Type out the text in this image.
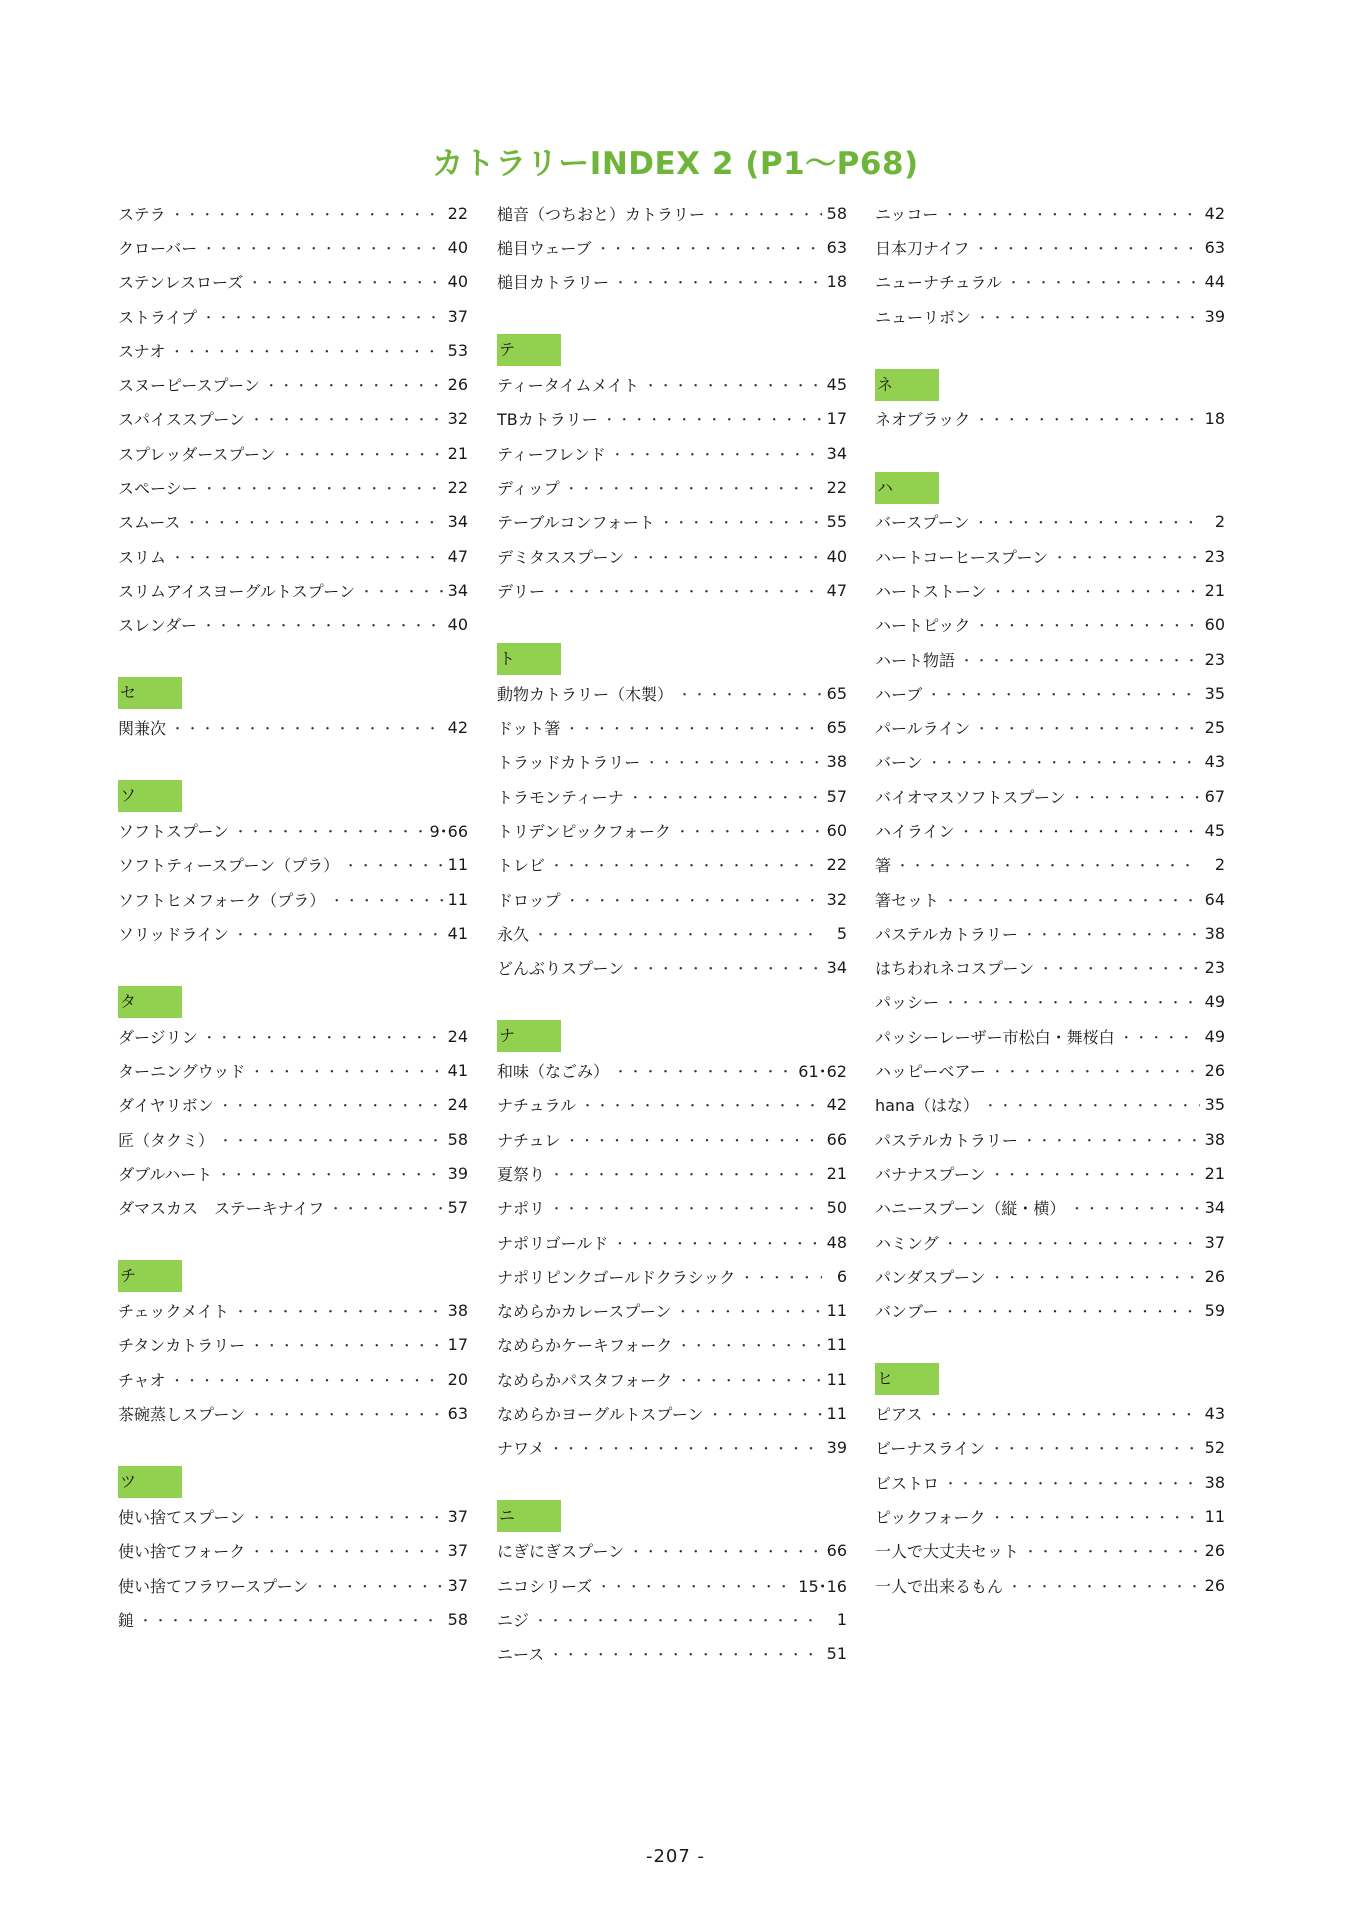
カトラリーINDEX 2 (P1～P68)
ステラ ・・・・・・・・・・・・・・・・・・・・・・・・・・・・・・・・・・・・・・・・・・・・・・・・	22
クローバー ・・・・・・・・・・・・・・・・・・・・・・・・・・・・・・・・・・・・・・・・・・・・・・・・	40
ステンレスローズ ・・・・・・・・・・・・・・・・・・・・・・・・・・・・・・・・・・・・・・・・・・・・・・・・	40
ストライプ ・・・・・・・・・・・・・・・・・・・・・・・・・・・・・・・・・・・・・・・・・・・・・・・・	37
スナオ ・・・・・・・・・・・・・・・・・・・・・・・・・・・・・・・・・・・・・・・・・・・・・・・・	53
スヌーピースプーン ・・・・・・・・・・・・・・・・・・・・・・・・・・・・・・・・・・・・・・・・・・・・・・・・	26
スパイススプーン ・・・・・・・・・・・・・・・・・・・・・・・・・・・・・・・・・・・・・・・・・・・・・・・・	32
スプレッダースプーン ・・・・・・・・・・・・・・・・・・・・・・・・・・・・・・・・・・・・・・・・・・・・・・・・	21
スペーシー ・・・・・・・・・・・・・・・・・・・・・・・・・・・・・・・・・・・・・・・・・・・・・・・・	22
スムース ・・・・・・・・・・・・・・・・・・・・・・・・・・・・・・・・・・・・・・・・・・・・・・・・	34
スリム ・・・・・・・・・・・・・・・・・・・・・・・・・・・・・・・・・・・・・・・・・・・・・・・・	47
スリムアイスヨーグルトスプーン ・・・・・・・・・・・・・・・・・・・・・・・・・・・・・・・・・・・・・・・・・・・・・・・・	34
スレンダー ・・・・・・・・・・・・・・・・・・・・・・・・・・・・・・・・・・・・・・・・・・・・・・・・	40
セ
関兼次 ・・・・・・・・・・・・・・・・・・・・・・・・・・・・・・・・・・・・・・・・・・・・・・・・	42
ソ
ソフトスプーン ・・・・・・・・・・・・・・・・・・・・・・・・・・・・・・・・・・・・・・・・・・・・・・・・	9･66
ソフトティースプーン（プラ） ・・・・・・・・・・・・・・・・・・・・・・・・・・・・・・・・・・・・・・・・・・・・・・・・	11
ソフトヒメフォーク（プラ） ・・・・・・・・・・・・・・・・・・・・・・・・・・・・・・・・・・・・・・・・・・・・・・・・	11
ソリッドライン ・・・・・・・・・・・・・・・・・・・・・・・・・・・・・・・・・・・・・・・・・・・・・・・・	41
タ
ダージリン ・・・・・・・・・・・・・・・・・・・・・・・・・・・・・・・・・・・・・・・・・・・・・・・・	24
ターニングウッド ・・・・・・・・・・・・・・・・・・・・・・・・・・・・・・・・・・・・・・・・・・・・・・・・	41
ダイヤリボン ・・・・・・・・・・・・・・・・・・・・・・・・・・・・・・・・・・・・・・・・・・・・・・・・	24
匠（タクミ） ・・・・・・・・・・・・・・・・・・・・・・・・・・・・・・・・・・・・・・・・・・・・・・・・	58
ダブルハート ・・・・・・・・・・・・・・・・・・・・・・・・・・・・・・・・・・・・・・・・・・・・・・・・	39
ダマスカス　ステーキナイフ ・・・・・・・・・・・・・・・・・・・・・・・・・・・・・・・・・・・・・・・・・・・・・・・・	57
チ
チェックメイト ・・・・・・・・・・・・・・・・・・・・・・・・・・・・・・・・・・・・・・・・・・・・・・・・	38
チタンカトラリー ・・・・・・・・・・・・・・・・・・・・・・・・・・・・・・・・・・・・・・・・・・・・・・・・	17
チャオ ・・・・・・・・・・・・・・・・・・・・・・・・・・・・・・・・・・・・・・・・・・・・・・・・	20
茶碗蒸しスプーン ・・・・・・・・・・・・・・・・・・・・・・・・・・・・・・・・・・・・・・・・・・・・・・・・	63
ツ
使い捨てスプーン ・・・・・・・・・・・・・・・・・・・・・・・・・・・・・・・・・・・・・・・・・・・・・・・・	37
使い捨てフォーク ・・・・・・・・・・・・・・・・・・・・・・・・・・・・・・・・・・・・・・・・・・・・・・・・	37
使い捨てフラワースプーン ・・・・・・・・・・・・・・・・・・・・・・・・・・・・・・・・・・・・・・・・・・・・・・・・	37
鎚 ・・・・・・・・・・・・・・・・・・・・・・・・・・・・・・・・・・・・・・・・・・・・・・・・	58
槌音（つちおと）カトラリー ・・・・・・・・・・・・・・・・・・・・・・・・・・・・・・・・・・・・・・・・・・・・・・・・	58
槌目ウェーブ ・・・・・・・・・・・・・・・・・・・・・・・・・・・・・・・・・・・・・・・・・・・・・・・・	63
槌目カトラリー ・・・・・・・・・・・・・・・・・・・・・・・・・・・・・・・・・・・・・・・・・・・・・・・・	18
テ
ティータイムメイト ・・・・・・・・・・・・・・・・・・・・・・・・・・・・・・・・・・・・・・・・・・・・・・・・	45
TBカトラリー ・・・・・・・・・・・・・・・・・・・・・・・・・・・・・・・・・・・・・・・・・・・・・・・・	17
ティーフレンド ・・・・・・・・・・・・・・・・・・・・・・・・・・・・・・・・・・・・・・・・・・・・・・・・	34
ディップ ・・・・・・・・・・・・・・・・・・・・・・・・・・・・・・・・・・・・・・・・・・・・・・・・	22
テーブルコンフォート ・・・・・・・・・・・・・・・・・・・・・・・・・・・・・・・・・・・・・・・・・・・・・・・・	55
デミタススプーン ・・・・・・・・・・・・・・・・・・・・・・・・・・・・・・・・・・・・・・・・・・・・・・・・	40
デリー ・・・・・・・・・・・・・・・・・・・・・・・・・・・・・・・・・・・・・・・・・・・・・・・・	47
ト
動物カトラリー（木製） ・・・・・・・・・・・・・・・・・・・・・・・・・・・・・・・・・・・・・・・・・・・・・・・・	65
ドット箸 ・・・・・・・・・・・・・・・・・・・・・・・・・・・・・・・・・・・・・・・・・・・・・・・・	65
トラッドカトラリー ・・・・・・・・・・・・・・・・・・・・・・・・・・・・・・・・・・・・・・・・・・・・・・・・	38
トラモンティーナ ・・・・・・・・・・・・・・・・・・・・・・・・・・・・・・・・・・・・・・・・・・・・・・・・	57
トリデンピックフォーク ・・・・・・・・・・・・・・・・・・・・・・・・・・・・・・・・・・・・・・・・・・・・・・・・	60
トレビ ・・・・・・・・・・・・・・・・・・・・・・・・・・・・・・・・・・・・・・・・・・・・・・・・	22
ドロップ ・・・・・・・・・・・・・・・・・・・・・・・・・・・・・・・・・・・・・・・・・・・・・・・・	32
永久 ・・・・・・・・・・・・・・・・・・・・・・・・・・・・・・・・・・・・・・・・・・・・・・・・	5
どんぶりスプーン ・・・・・・・・・・・・・・・・・・・・・・・・・・・・・・・・・・・・・・・・・・・・・・・・	34
ナ
和味（なごみ） ・・・・・・・・・・・・・・・・・・・・・・・・・・・・・・・・・・・・・・・・・・・・・・・・	61･62
ナチュラル ・・・・・・・・・・・・・・・・・・・・・・・・・・・・・・・・・・・・・・・・・・・・・・・・	42
ナチュレ ・・・・・・・・・・・・・・・・・・・・・・・・・・・・・・・・・・・・・・・・・・・・・・・・	66
夏祭り ・・・・・・・・・・・・・・・・・・・・・・・・・・・・・・・・・・・・・・・・・・・・・・・・	21
ナポリ ・・・・・・・・・・・・・・・・・・・・・・・・・・・・・・・・・・・・・・・・・・・・・・・・	50
ナポリゴールド ・・・・・・・・・・・・・・・・・・・・・・・・・・・・・・・・・・・・・・・・・・・・・・・・	48
ナポリピンクゴールドクラシック ・・・・・・・・・・・・・・・・・・・・・・・・・・・・・・・・・・・・・・・・・・・・・・・・	6
なめらかカレースプーン ・・・・・・・・・・・・・・・・・・・・・・・・・・・・・・・・・・・・・・・・・・・・・・・・	11
なめらかケーキフォーク ・・・・・・・・・・・・・・・・・・・・・・・・・・・・・・・・・・・・・・・・・・・・・・・・	11
なめらかパスタフォーク ・・・・・・・・・・・・・・・・・・・・・・・・・・・・・・・・・・・・・・・・・・・・・・・・	11
なめらかヨーグルトスプーン ・・・・・・・・・・・・・・・・・・・・・・・・・・・・・・・・・・・・・・・・・・・・・・・・	11
ナワメ ・・・・・・・・・・・・・・・・・・・・・・・・・・・・・・・・・・・・・・・・・・・・・・・・	39
ニ
にぎにぎスプーン ・・・・・・・・・・・・・・・・・・・・・・・・・・・・・・・・・・・・・・・・・・・・・・・・	66
ニコシリーズ ・・・・・・・・・・・・・・・・・・・・・・・・・・・・・・・・・・・・・・・・・・・・・・・・	15･16
ニジ ・・・・・・・・・・・・・・・・・・・・・・・・・・・・・・・・・・・・・・・・・・・・・・・・	1
ニース ・・・・・・・・・・・・・・・・・・・・・・・・・・・・・・・・・・・・・・・・・・・・・・・・	51
ニッコー ・・・・・・・・・・・・・・・・・・・・・・・・・・・・・・・・・・・・・・・・・・・・・・・・	42
日本刀ナイフ ・・・・・・・・・・・・・・・・・・・・・・・・・・・・・・・・・・・・・・・・・・・・・・・・	63
ニューナチュラル ・・・・・・・・・・・・・・・・・・・・・・・・・・・・・・・・・・・・・・・・・・・・・・・・	44
ニューリボン ・・・・・・・・・・・・・・・・・・・・・・・・・・・・・・・・・・・・・・・・・・・・・・・・	39
ネ
ネオブラック ・・・・・・・・・・・・・・・・・・・・・・・・・・・・・・・・・・・・・・・・・・・・・・・・	18
ハ
バースプーン ・・・・・・・・・・・・・・・・・・・・・・・・・・・・・・・・・・・・・・・・・・・・・・・・	2
ハートコーヒースプーン ・・・・・・・・・・・・・・・・・・・・・・・・・・・・・・・・・・・・・・・・・・・・・・・・	23
ハートストーン ・・・・・・・・・・・・・・・・・・・・・・・・・・・・・・・・・・・・・・・・・・・・・・・・	21
ハートピック ・・・・・・・・・・・・・・・・・・・・・・・・・・・・・・・・・・・・・・・・・・・・・・・・	60
ハート物語 ・・・・・・・・・・・・・・・・・・・・・・・・・・・・・・・・・・・・・・・・・・・・・・・・	23
ハーブ ・・・・・・・・・・・・・・・・・・・・・・・・・・・・・・・・・・・・・・・・・・・・・・・・	35
パールライン ・・・・・・・・・・・・・・・・・・・・・・・・・・・・・・・・・・・・・・・・・・・・・・・・	25
バーン ・・・・・・・・・・・・・・・・・・・・・・・・・・・・・・・・・・・・・・・・・・・・・・・・	43
バイオマスソフトスプーン ・・・・・・・・・・・・・・・・・・・・・・・・・・・・・・・・・・・・・・・・・・・・・・・・	67
ハイライン ・・・・・・・・・・・・・・・・・・・・・・・・・・・・・・・・・・・・・・・・・・・・・・・・	45
箸 ・・・・・・・・・・・・・・・・・・・・・・・・・・・・・・・・・・・・・・・・・・・・・・・・	2
箸セット ・・・・・・・・・・・・・・・・・・・・・・・・・・・・・・・・・・・・・・・・・・・・・・・・	64
パステルカトラリー ・・・・・・・・・・・・・・・・・・・・・・・・・・・・・・・・・・・・・・・・・・・・・・・・	38
はちわれネコスプーン ・・・・・・・・・・・・・・・・・・・・・・・・・・・・・・・・・・・・・・・・・・・・・・・・	23
パッシー ・・・・・・・・・・・・・・・・・・・・・・・・・・・・・・・・・・・・・・・・・・・・・・・・	49
パッシーレーザー市松白・舞桜白 ・・・・・・・・・・・・・・・・・・・・・・・・・・・・・・・・・・・・・・・・・・・・・・・・	49
ハッピーベアー ・・・・・・・・・・・・・・・・・・・・・・・・・・・・・・・・・・・・・・・・・・・・・・・・	26
hana（はな） ・・・・・・・・・・・・・・・・・・・・・・・・・・・・・・・・・・・・・・・・・・・・・・・・	35
パステルカトラリー ・・・・・・・・・・・・・・・・・・・・・・・・・・・・・・・・・・・・・・・・・・・・・・・・	38
バナナスプーン ・・・・・・・・・・・・・・・・・・・・・・・・・・・・・・・・・・・・・・・・・・・・・・・・	21
ハニースプーン（縦・横） ・・・・・・・・・・・・・・・・・・・・・・・・・・・・・・・・・・・・・・・・・・・・・・・・	34
ハミング ・・・・・・・・・・・・・・・・・・・・・・・・・・・・・・・・・・・・・・・・・・・・・・・・	37
パンダスプーン ・・・・・・・・・・・・・・・・・・・・・・・・・・・・・・・・・・・・・・・・・・・・・・・・	26
バンブー ・・・・・・・・・・・・・・・・・・・・・・・・・・・・・・・・・・・・・・・・・・・・・・・・	59
ヒ
ピアス ・・・・・・・・・・・・・・・・・・・・・・・・・・・・・・・・・・・・・・・・・・・・・・・・	43
ビーナスライン ・・・・・・・・・・・・・・・・・・・・・・・・・・・・・・・・・・・・・・・・・・・・・・・・	52
ビストロ ・・・・・・・・・・・・・・・・・・・・・・・・・・・・・・・・・・・・・・・・・・・・・・・・	38
ピックフォーク ・・・・・・・・・・・・・・・・・・・・・・・・・・・・・・・・・・・・・・・・・・・・・・・・	11
一人で大丈夫セット ・・・・・・・・・・・・・・・・・・・・・・・・・・・・・・・・・・・・・・・・・・・・・・・・	26
一人で出来るもん ・・・・・・・・・・・・・・・・・・・・・・・・・・・・・・・・・・・・・・・・・・・・・・・・	26
-207 -
